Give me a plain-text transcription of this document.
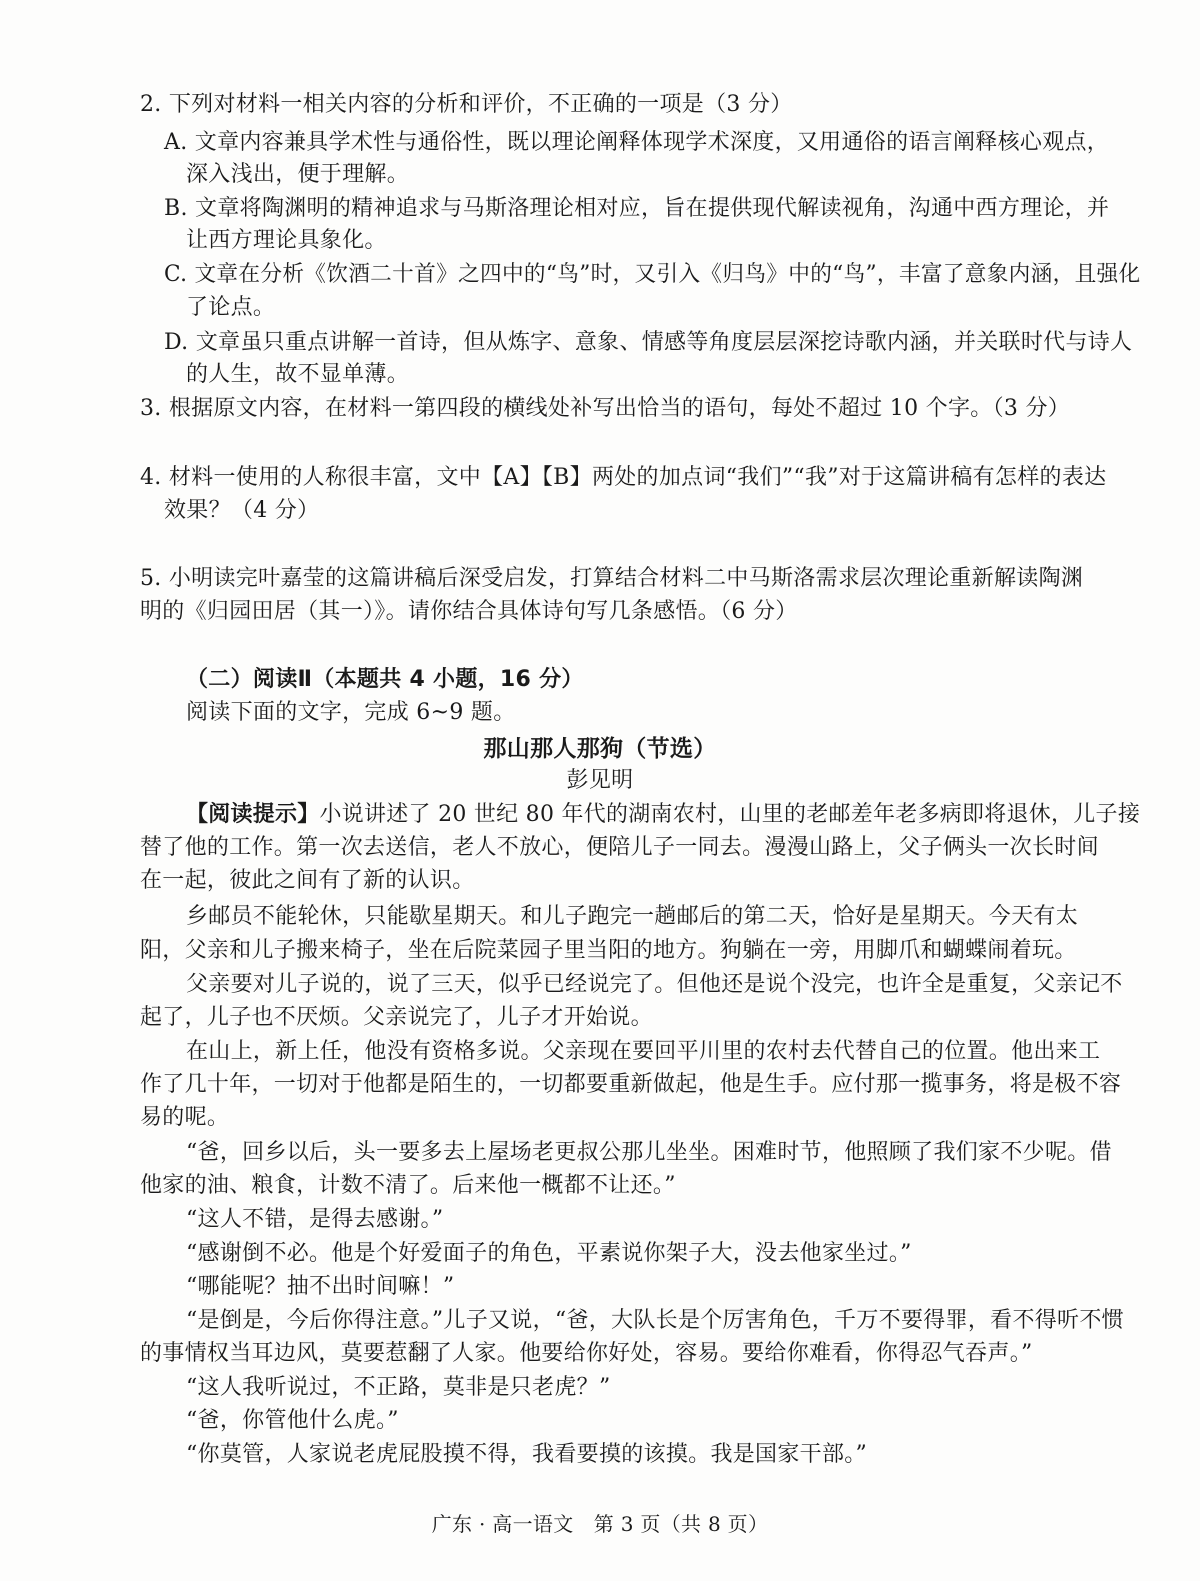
2. 下列对材料一相关内容的分析和评价，不正确的一项是（3 分）
A. 文章内容兼具学术性与通俗性，既以理论阐释体现学术深度，又用通俗的语言阐释核心观点，
深入浅出，便于理解。
B. 文章将陶渊明的精神追求与马斯洛理论相对应，旨在提供现代解读视角，沟通中西方理论，并
让西方理论具象化。
C. 文章在分析《饮酒二十首》之四中的“鸟”时，又引入《归鸟》中的“鸟”，丰富了意象内涵，且强化
了论点。
D. 文章虽只重点讲解一首诗，但从炼字、意象、情感等角度层层深挖诗歌内涵，并关联时代与诗人
的人生，故不显单薄。
3. 根据原文内容，在材料一第四段的横线处补写出恰当的语句，每处不超过 10 个字。（3 分）
4. 材料一使用的人称很丰富，文中【A】【B】两处的加点词“我们”“我”对于这篇讲稿有怎样的表达
效果？（4 分）
5. 小明读完叶嘉莹的这篇讲稿后深受启发，打算结合材料二中马斯洛需求层次理论重新解读陶渊
明的《归园田居（其一）》。请你结合具体诗句写几条感悟。（6 分）
（二）阅读Ⅱ（本题共 4 小题，16 分）
阅读下面的文字，完成 6~9 题。
那山那人那狗（节选）
彭见明
【阅读提示】小说讲述了 20 世纪 80 年代的湖南农村，山里的老邮差年老多病即将退休，儿子接
替了他的工作。第一次去送信，老人不放心，便陪儿子一同去。漫漫山路上，父子俩头一次长时间
在一起，彼此之间有了新的认识。
乡邮员不能轮休，只能歇星期天。和儿子跑完一趟邮后的第二天，恰好是星期天。今天有太
阳，父亲和儿子搬来椅子，坐在后院菜园子里当阳的地方。狗躺在一旁，用脚爪和蝴蝶闹着玩。
父亲要对儿子说的，说了三天，似乎已经说完了。但他还是说个没完，也许全是重复，父亲记不
起了，儿子也不厌烦。父亲说完了，儿子才开始说。
在山上，新上任，他没有资格多说。父亲现在要回平川里的农村去代替自己的位置。他出来工
作了几十年，一切对于他都是陌生的，一切都要重新做起，他是生手。应付那一揽事务，将是极不容
易的呢。
“爸，回乡以后，头一要多去上屋场老更叔公那儿坐坐。困难时节，他照顾了我们家不少呢。借
他家的油、粮食，计数不清了。后来他一概都不让还。”
“这人不错，是得去感谢。”
“感谢倒不必。他是个好爱面子的角色，平素说你架子大，没去他家坐过。”
“哪能呢？抽不出时间嘛！”
“是倒是，今后你得注意。”儿子又说，“爸，大队长是个厉害角色，千万不要得罪，看不得听不惯
的事情权当耳边风，莫要惹翻了人家。他要给你好处，容易。要给你难看，你得忍气吞声。”
“这人我听说过，不正路，莫非是只老虎？”
“爸，你管他什么虎。”
“你莫管，人家说老虎屁股摸不得，我看要摸的该摸。我是国家干部。”
广东 · 高一语文　第 3 页（共 8 页）
